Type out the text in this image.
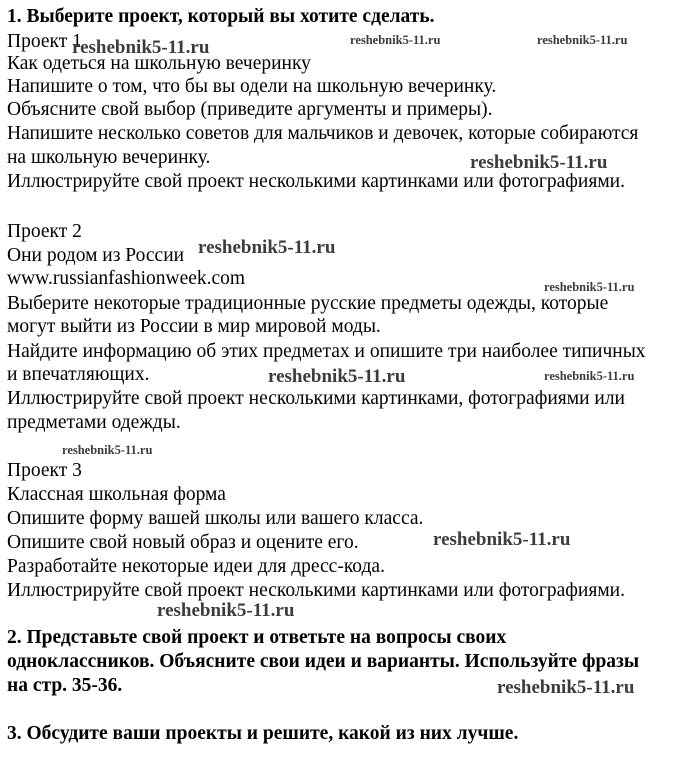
1. Выберите проект, который вы хотите сделать.
Проект 1
Как одеться на школьную вечеринку
Напишите о том, что бы вы одели на школьную вечеринку.
Объясните свой выбор (приведите аргументы и примеры).
Напишите несколько советов для мальчиков и девочек, которые собираются
на школьную вечеринку.
Иллюстрируйте свой проект несколькими картинками или фотографиями.
Проект 2
Они родом из России
www.russianfashionweek.com
Выберите некоторые традиционные русские предметы одежды, которые
могут выйти из России в мир мировой моды.
Найдите информацию об этих предметах и опишите три наиболее типичных
и впечатляющих.
Иллюстрируйте свой проект несколькими картинками, фотографиями или
предметами одежды.
Проект 3
Классная школьная форма
Опишите форму вашей школы или вашего класса.
Опишите свой новый образ и оцените его.
Разработайте некоторые идеи для дресс-кода.
Иллюстрируйте свой проект несколькими картинками или фотографиями.
2. Представьте свой проект и ответьте на вопросы своих
одноклассников. Объясните свои идеи и варианты. Используйте фразы
на стр. 35-36.
3. Обсудите ваши проекты и решите, какой из них лучше.
reshebnik5-11.ru	reshebnik5-11.ru	reshebnik5-11.ru
reshebnik5-11.ru
reshebnik5-11.ru
reshebnik5-11.ru
reshebnik5-11.ru	reshebnik5-11.ru
reshebnik5-11.ru
reshebnik5-11.ru
reshebnik5-11.ru
reshebnik5-11.ru
